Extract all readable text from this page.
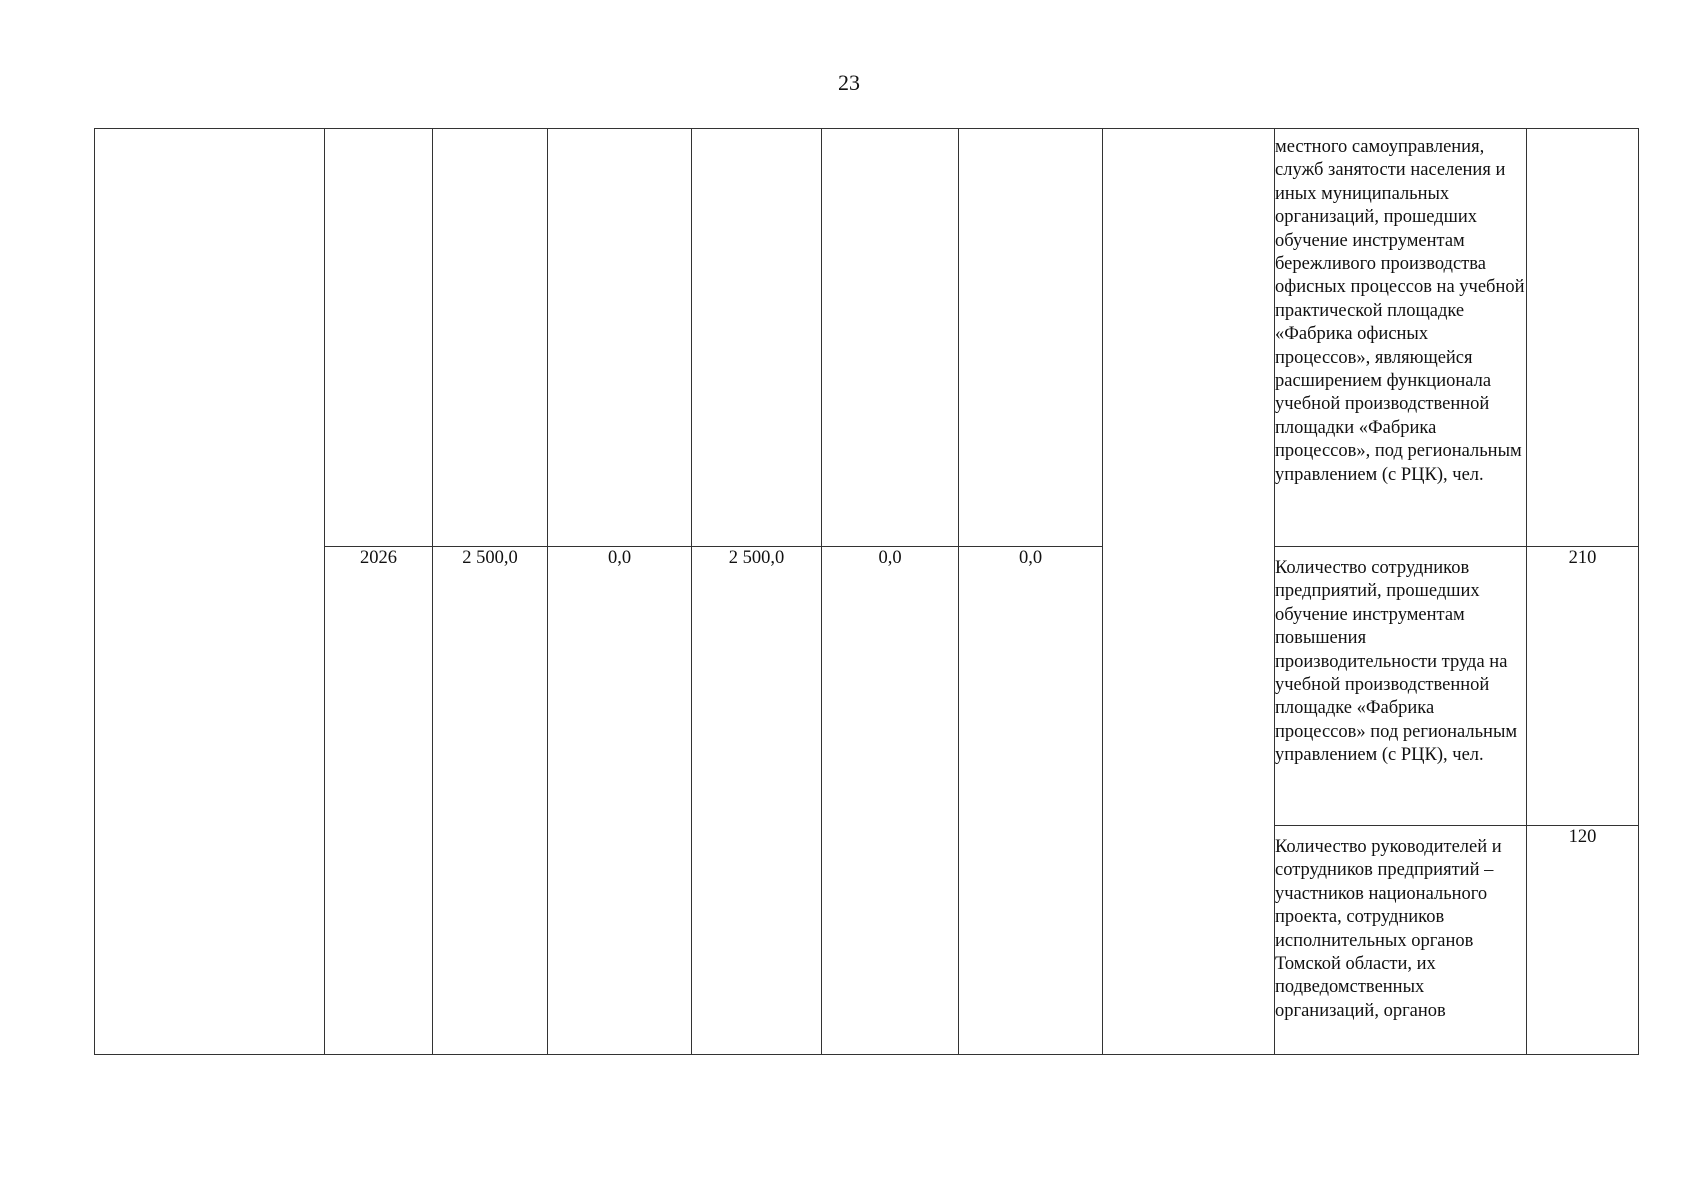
23

								местного самоуправления, служб занятости населения и иных муниципальных организаций, прошедших обучение инструментам бережливого производства офисных процессов на учебной практической площадке «Фабрика офисных процессов», являющейся расширением функционала учебной производственной площадки «Фабрика процессов», под региональным управлением (с РЦК), чел.	

	2026	2 500,0	0,0	2 500,0	0,0	0,0		Количество сотрудников предприятий, прошедших обучение инструментам повышения производительности труда на учебной производственной площадке «Фабрика процессов» под региональным управлением (с РЦК), чел.	210

								Количество руководителей и сотрудников предприятий – участников национального проекта, сотрудников исполнительных органов Томской области, их подведомственных организаций, органов	120
